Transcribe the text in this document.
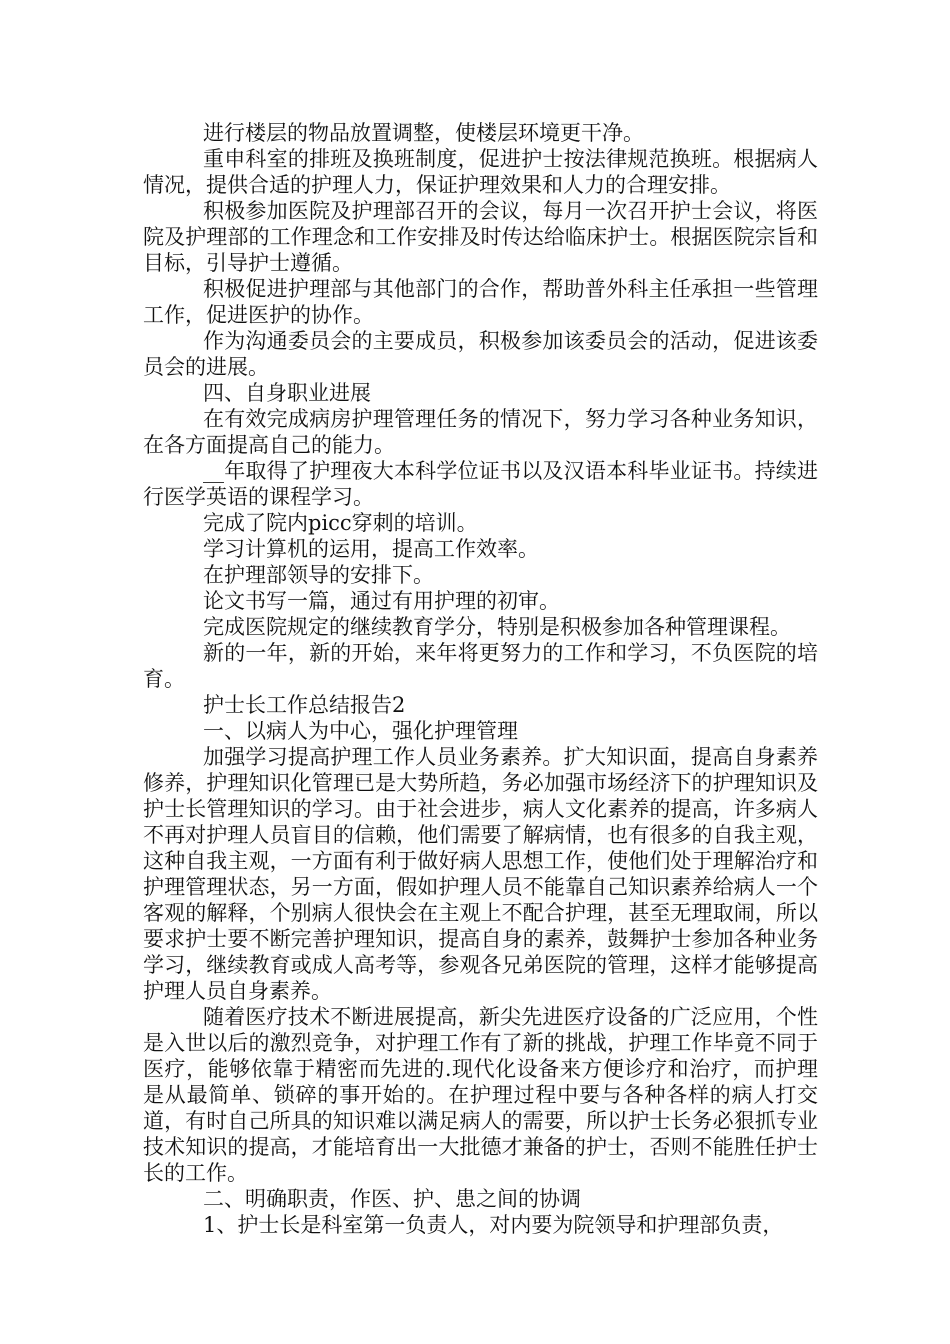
进行楼层的物品放置调整，使楼层环境更干净。

重申科室的排班及换班制度，促进护士按法律规范换班。根据病人情况，提供合适的护理人力，保证护理效果和人力的合理安排。

积极参加医院及护理部召开的会议，每月一次召开护士会议，将医院及护理部的工作理念和工作安排及时传达给临床护士。根据医院宗旨和目标，引导护士遵循。

积极促进护理部与其他部门的合作，帮助普外科主任承担一些管理工作，促进医护的协作。

作为沟通委员会的主要成员，积极参加该委员会的活动，促进该委员会的进展。

四、自身职业进展

在有效完成病房护理管理任务的情况下，努力学习各种业务知识，在各方面提高自己的能力。

__年取得了护理夜大本科学位证书以及汉语本科毕业证书。持续进行医学英语的课程学习。

完成了院内picc穿刺的培训。

学习计算机的运用，提高工作效率。

在护理部领导的安排下。

论文书写一篇，通过有用护理的初审。

完成医院规定的继续教育学分，特别是积极参加各种管理课程。

新的一年，新的开始，来年将更努力的工作和学习，不负医院的培育。

护士长工作总结报告2

一、以病人为中心，强化护理管理

加强学习提高护理工作人员业务素养。扩大知识面，提高自身素养修养，护理知识化管理已是大势所趋，务必加强市场经济下的护理知识及护士长管理知识的学习。由于社会进步，病人文化素养的提高，许多病人不再对护理人员盲目的信赖，他们需要了解病情，也有很多的自我主观，这种自我主观，一方面有利于做好病人思想工作，使他们处于理解治疗和护理管理状态，另一方面，假如护理人员不能靠自己知识素养给病人一个客观的解释，个别病人很快会在主观上不配合护理，甚至无理取闹，所以要求护士要不断完善护理知识，提高自身的素养，鼓舞护士参加各种业务学习，继续教育或成人高考等，参观各兄弟医院的管理，这样才能够提高护理人员自身素养。

随着医疗技术不断进展提高，新尖先进医疗设备的广泛应用，个性是入世以后的激烈竞争，对护理工作有了新的挑战，护理工作毕竟不同于医疗，能够依靠于精密而先进的.现代化设备来方便诊疗和治疗，而护理是从最简单、锁碎的事开始的。在护理过程中要与各种各样的病人打交道，有时自己所具的知识难以满足病人的需要，所以护士长务必狠抓专业技术知识的提高，才能培育出一大批德才兼备的护士，否则不能胜任护士长的工作。

二、明确职责，作医、护、患之间的协调

1、护士长是科室第一负责人，对内要为院领导和护理部负责，
